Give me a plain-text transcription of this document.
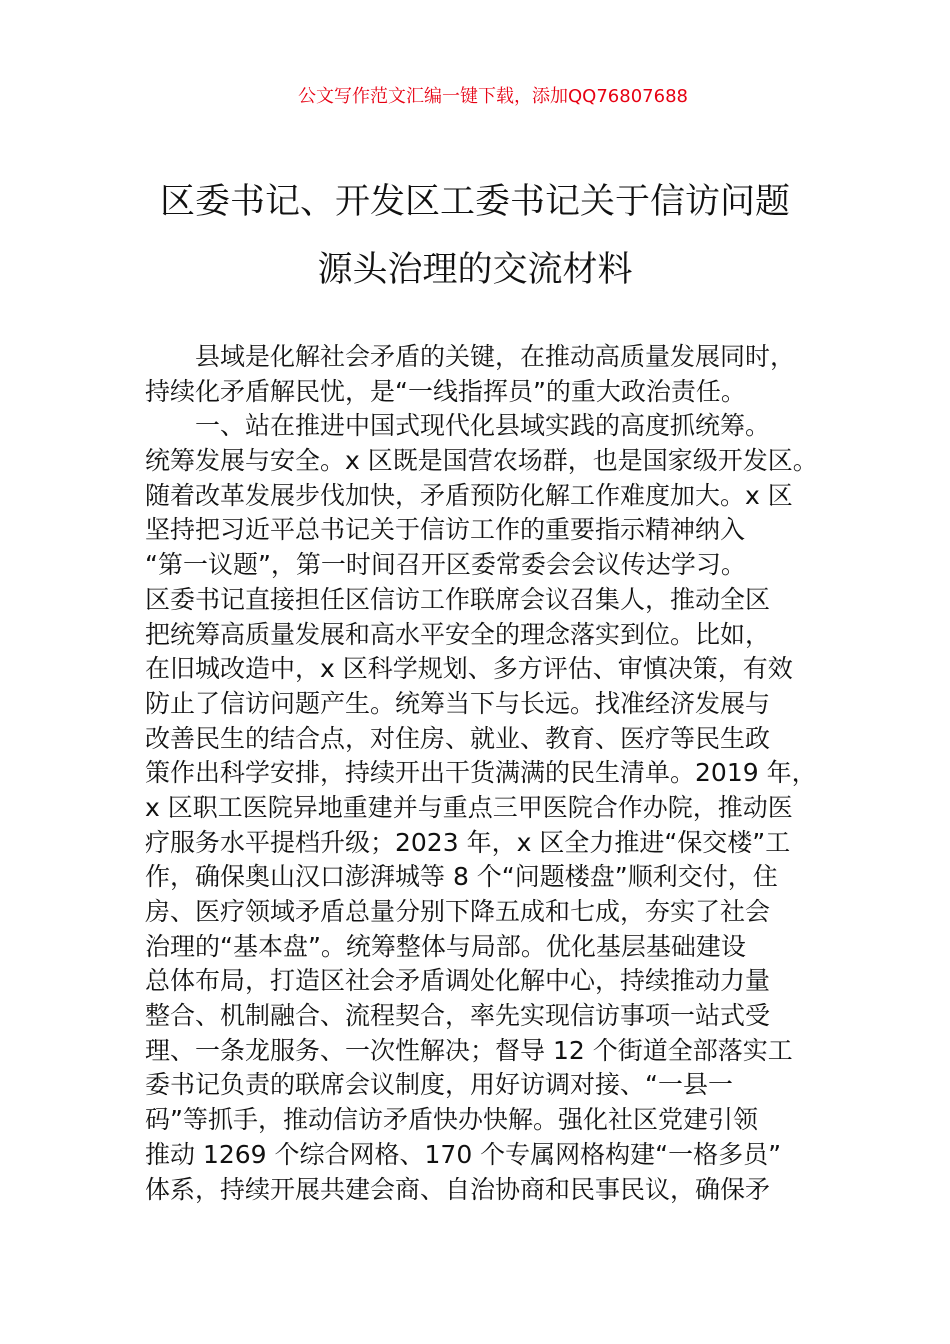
公文写作范文汇编一键下载，添加QQ76807688
区委书记、开发区工委书记关于信访问题
源头治理的交流材料
县域是化解社会矛盾的关键，在推动高质量发展同时，
持续化矛盾解民忧，是“一线指挥员”的重大政治责任。
一、站在推进中国式现代化县域实践的高度抓统筹。
统筹发展与安全。x 区既是国营农场群，也是国家级开发区。
随着改革发展步伐加快，矛盾预防化解工作难度加大。x 区
坚持把习近平总书记关于信访工作的重要指示精神纳入
“第一议题”，第一时间召开区委常委会会议传达学习。
区委书记直接担任区信访工作联席会议召集人，推动全区
把统筹高质量发展和高水平安全的理念落实到位。比如，
在旧城改造中，x 区科学规划、多方评估、审慎决策，有效
防止了信访问题产生。统筹当下与长远。找准经济发展与
改善民生的结合点，对住房、就业、教育、医疗等民生政
策作出科学安排，持续开出干货满满的民生清单。2019 年，
x 区职工医院异地重建并与重点三甲医院合作办院，推动医
疗服务水平提档升级；2023 年，x 区全力推进“保交楼”工
作，确保奥山汉口澎湃城等 8 个“问题楼盘”顺利交付，住
房、医疗领域矛盾总量分别下降五成和七成，夯实了社会
治理的“基本盘”。统筹整体与局部。优化基层基础建设
总体布局，打造区社会矛盾调处化解中心，持续推动力量
整合、机制融合、流程契合，率先实现信访事项一站式受
理、一条龙服务、一次性解决；督导 12 个街道全部落实工
委书记负责的联席会议制度，用好访调对接、“一县一
码”等抓手，推动信访矛盾快办快解。强化社区党建引领
推动 1269 个综合网格、170 个专属网格构建“一格多员”
体系，持续开展共建会商、自治协商和民事民议，确保矛
